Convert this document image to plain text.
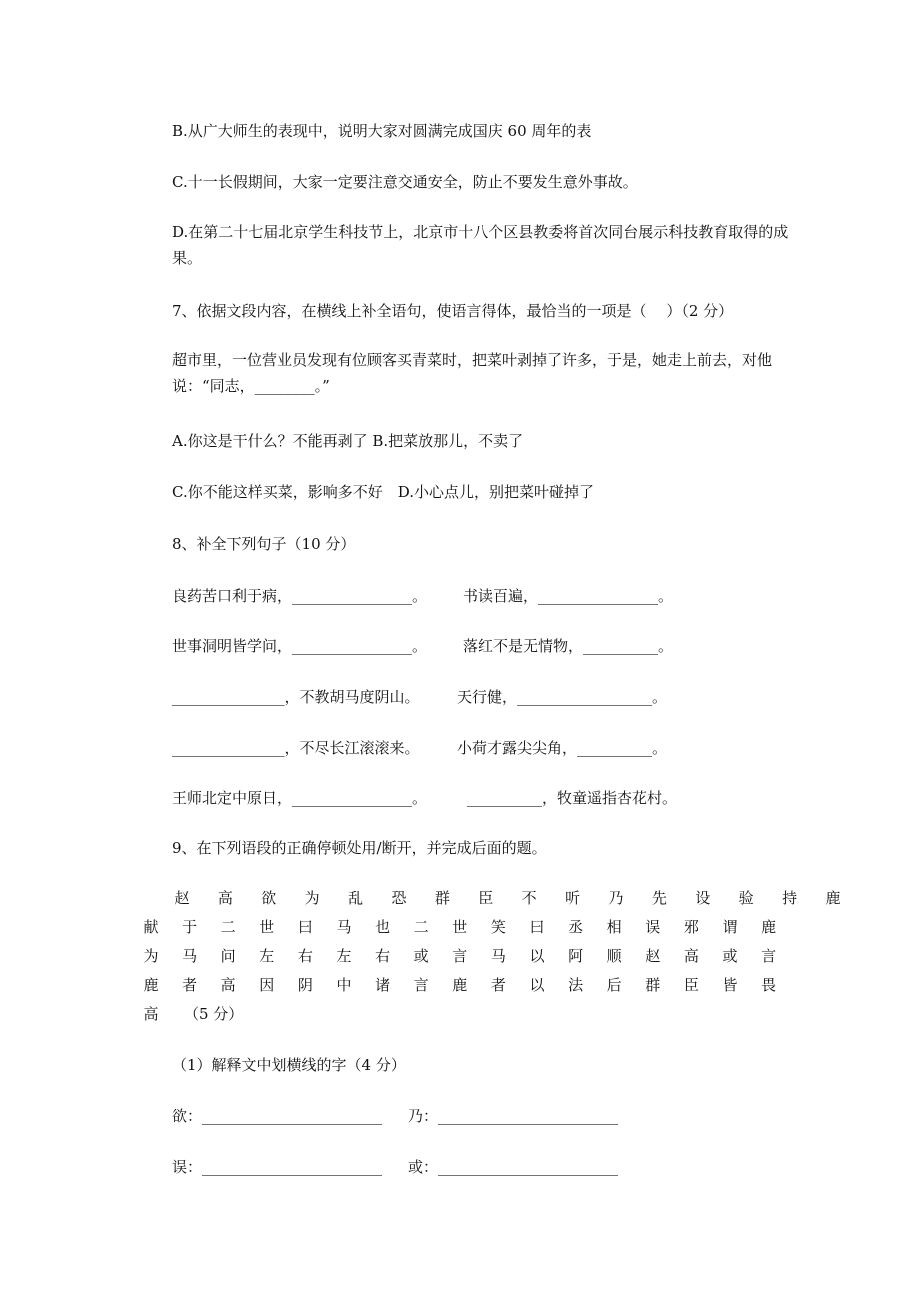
B.从广大师生的表现中，说明大家对圆满完成国庆 60 周年的表
C.十一长假期间，大家一定要注意交通安全，防止不要发生意外事故。
D.在第二十七届北京学生科技节上，北京市十八个区县教委将首次同台展示科技教育取得的成果。
7、依据文段内容，在横线上补全语句，使语言得体，最恰当的一项是（　 ）（2 分）
超市里，一位营业员发现有位顾客买青菜时，把菜叶剥掉了许多，于是，她走上前去，对他说：“同志，________。”
A.你这是干什么？不能再剥了 B.把菜放那儿，不卖了
C.你不能这样买菜，影响多不好　D.小心点儿，别把菜叶碰掉了
8、补全下列句子（10 分）
良药苦口利于病，________________。 书读百遍，________________。
世事洞明皆学问，________________。 落红不是无情物，__________。
_______________，不教胡马度阴山。 天行健，__________________。
_______________，不尽长江滚滚来。 小荷才露尖尖角，__________。
王师北定中原日，________________。	__________，牧童遥指杏花村。
9、在下列语段的正确停顿处用/断开，并完成后面的题。
赵 高 欲 为 乱 恐 群 臣 不 听 乃 先 设 验 持 鹿
献 于 二 世 曰 马 也 二 世 笑 曰 丞 相 误 邪 谓 鹿
为 马 问 左 右 左 右 或 言 马 以 阿 顺 赵 高 或 言
鹿 者 高 因 阴 中 诸 言 鹿 者 以 法 后 群 臣 皆 畏
高 （5 分）
（1）解释文中划横线的字（4 分）
欲：________________________ 乃：________________________
误：________________________ 或：________________________
